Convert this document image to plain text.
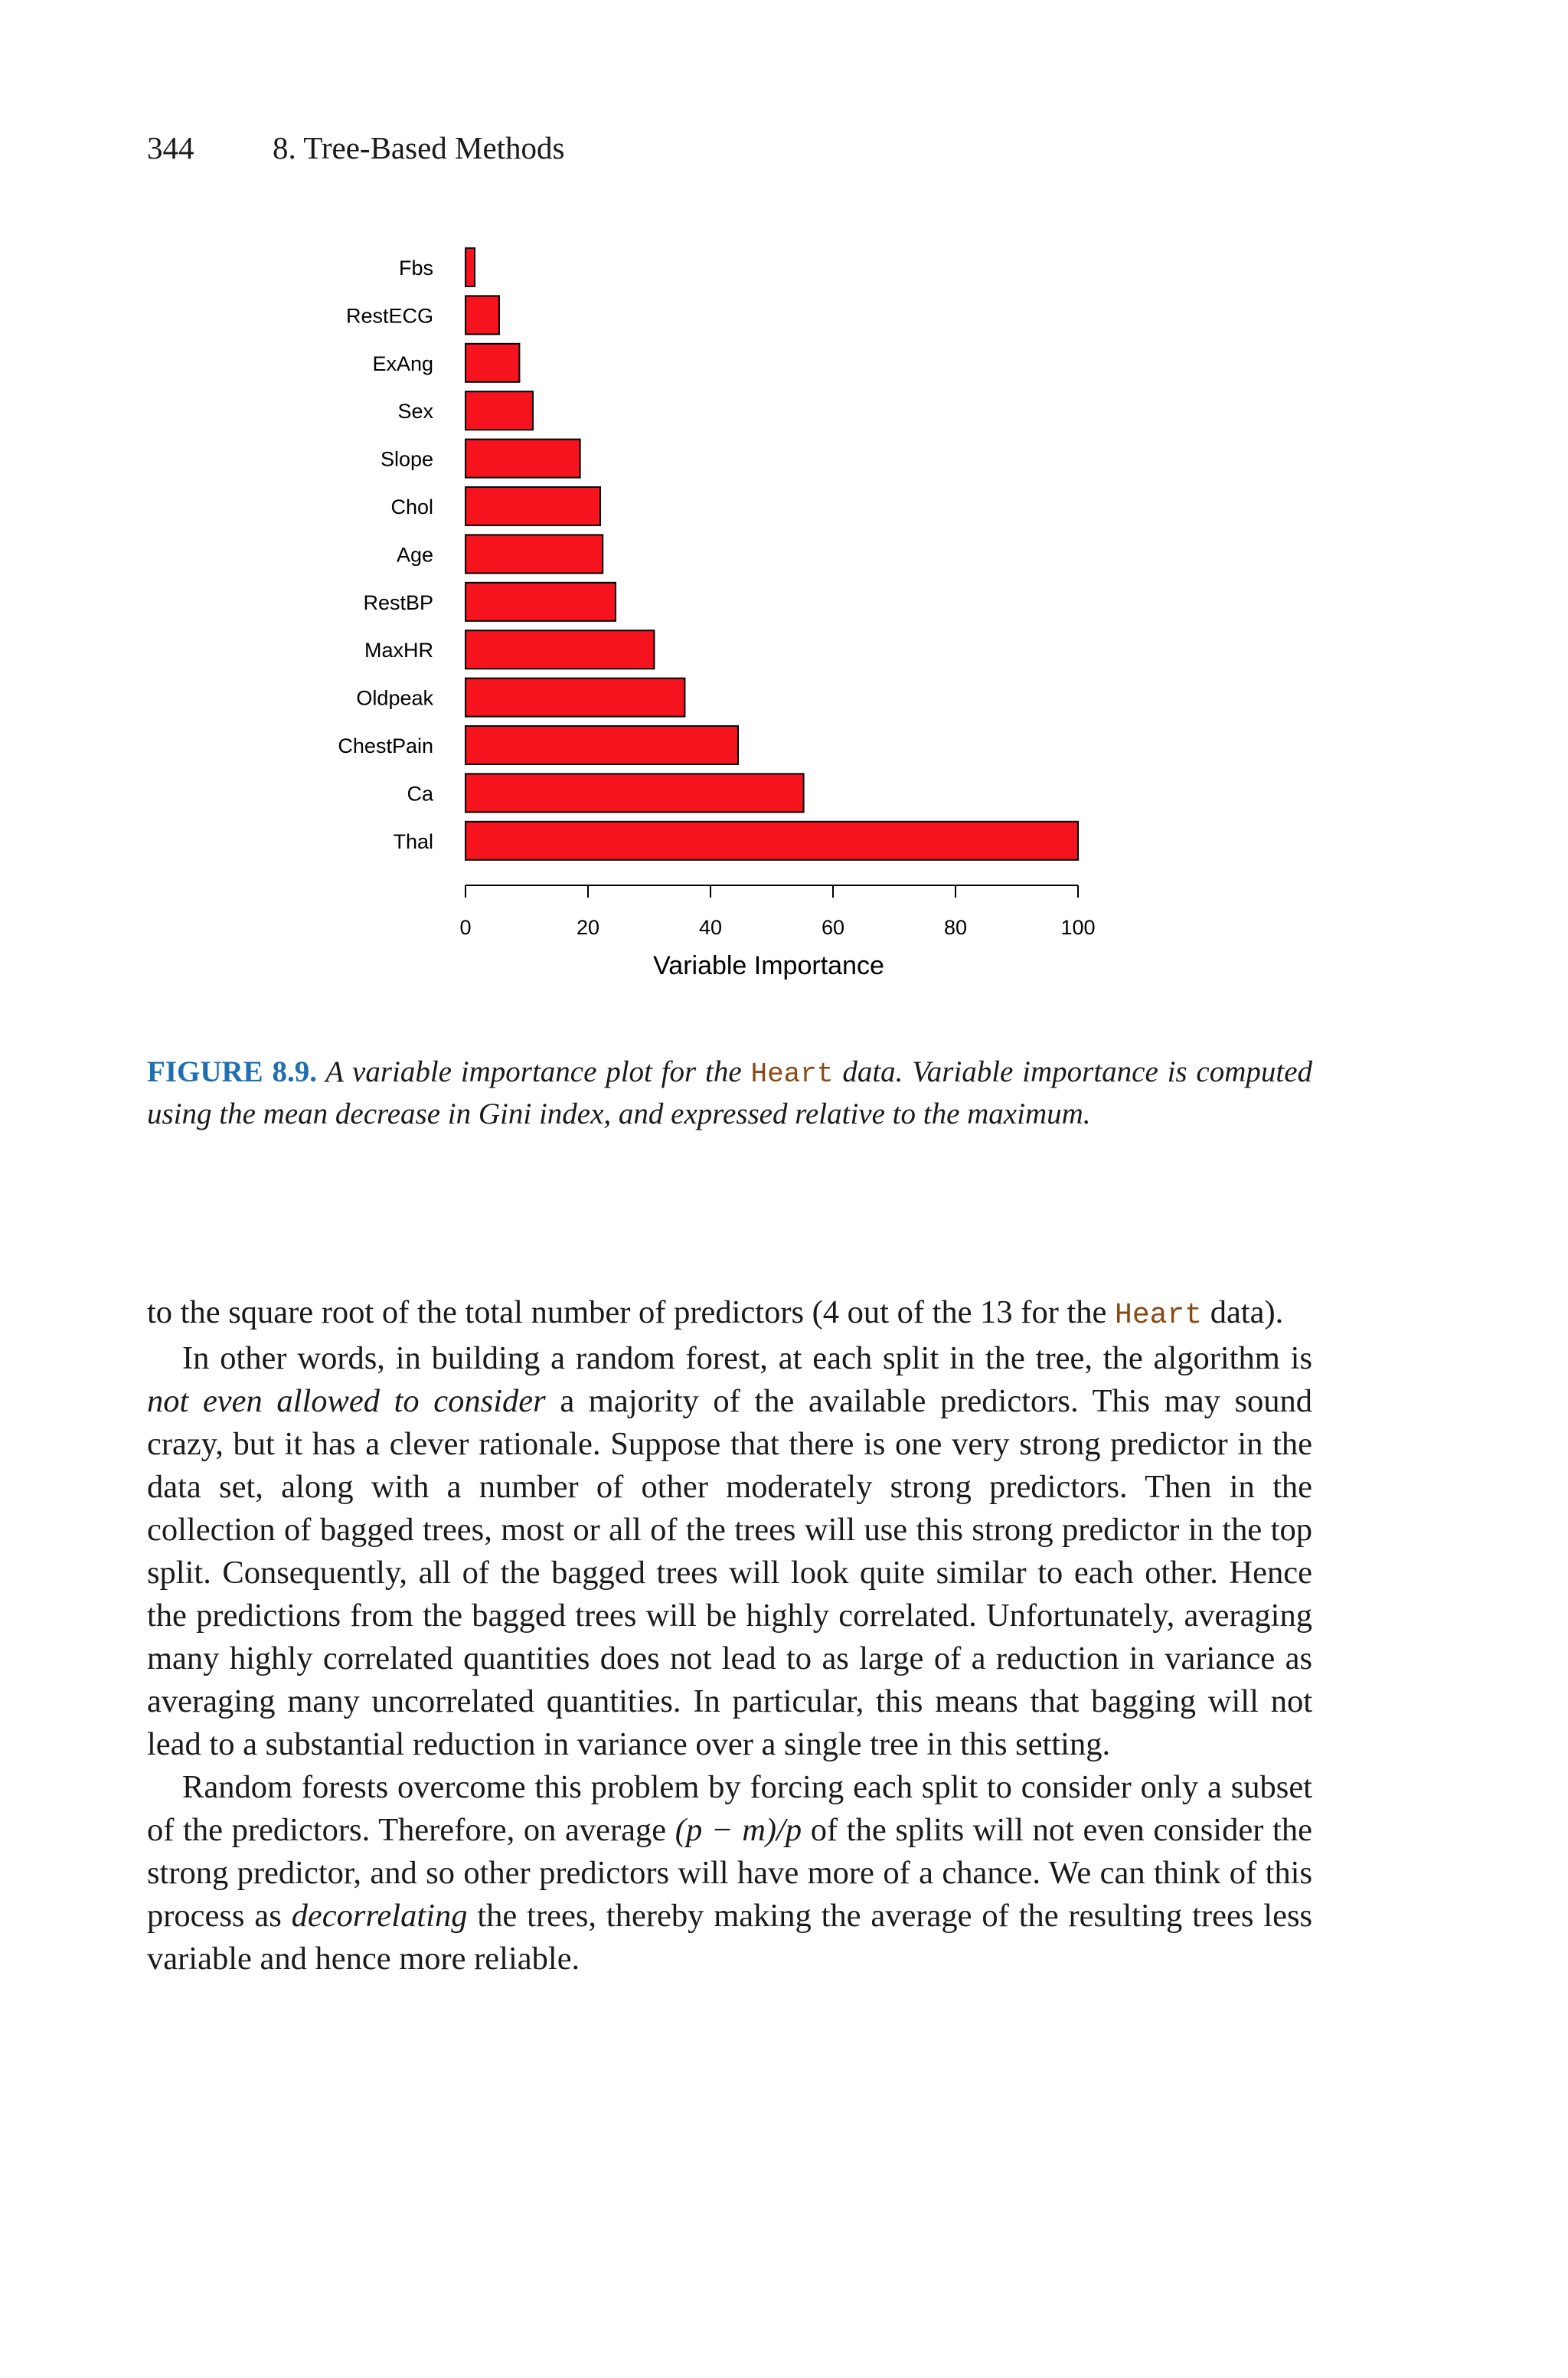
344	8. Tree-Based Methods
Fbs
RestECG
ExAng
Sex
Slope
Chol
Age
RestBP
MaxHR
Oldpeak
ChestPain
Ca
Thal
0	20	40	60	80	100
Variable Importance
FIGURE 8.9. A variable importance plot for the Heart data. Variable importance is computed using the mean decrease in Gini index, and expressed relative to the maximum.

to the square root of the total number of predictors (4 out of the 13 for the Heart data).

In other words, in building a random forest, at each split in the tree, the algorithm is not even allowed to consider a majority of the available predictors. This may sound crazy, but it has a clever rationale. Suppose that there is one very strong predictor in the data set, along with a number of other moderately strong predictors. Then in the collection of bagged trees, most or all of the trees will use this strong predictor in the top split. Consequently, all of the bagged trees will look quite similar to each other. Hence the predictions from the bagged trees will be highly correlated. Unfortunately, averaging many highly correlated quantities does not lead to as large of a reduction in variance as averaging many uncorrelated quantities. In particular, this means that bagging will not lead to a substantial reduction in variance over a single tree in this setting.

Random forests overcome this problem by forcing each split to consider only a subset of the predictors. Therefore, on average (p − m)/p of the splits will not even consider the strong predictor, and so other predictors will have more of a chance. We can think of this process as decorrelating the trees, thereby making the average of the resulting trees less variable and hence more reliable.
